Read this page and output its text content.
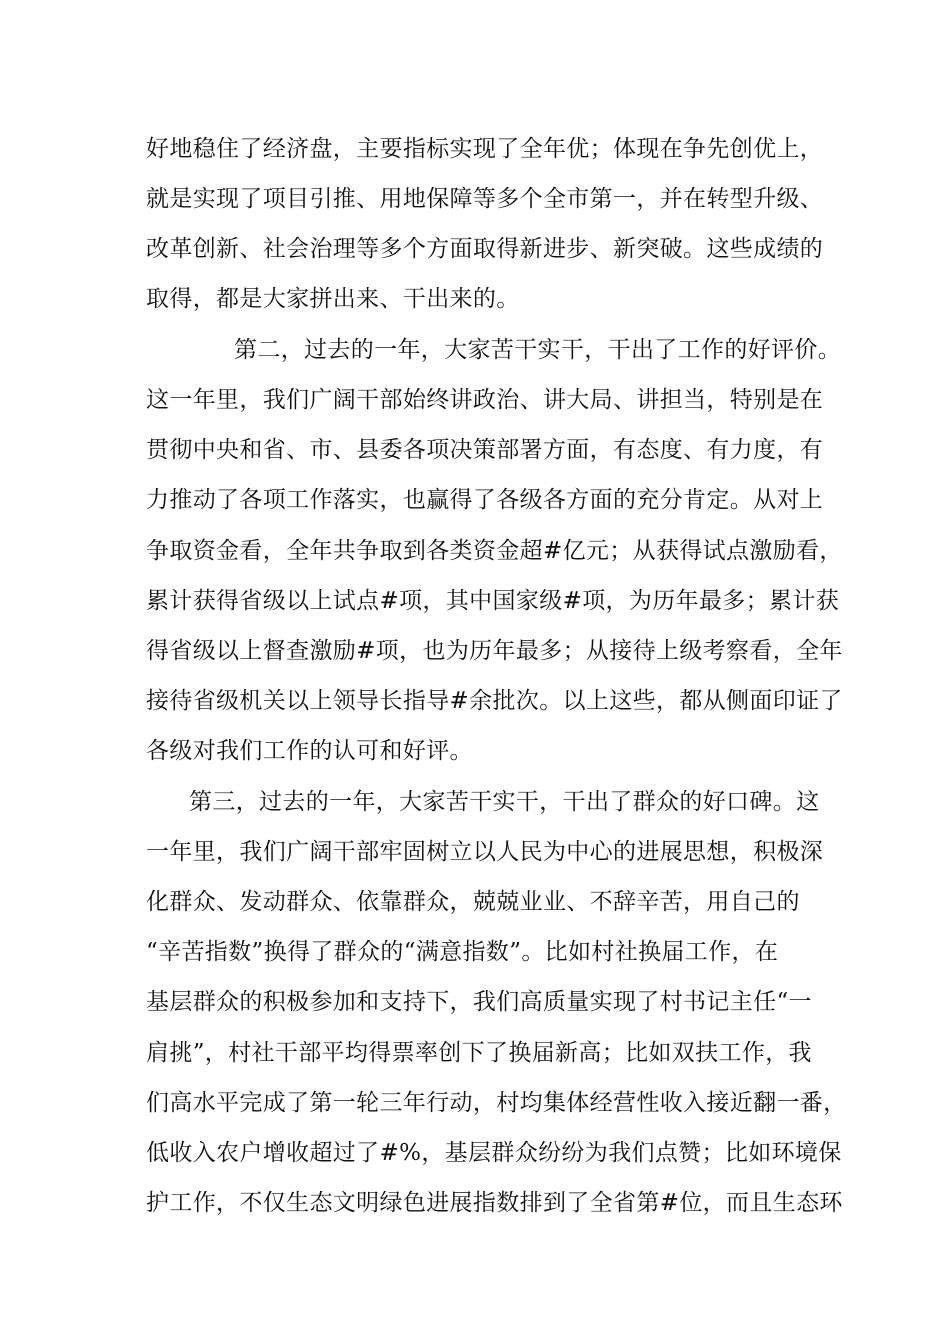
好地稳住了经济盘，主要指标实现了全年优；体现在争先创优上，
就是实现了项目引推、用地保障等多个全市第一，并在转型升级、
改革创新、社会治理等多个方面取得新进步、新突破。这些成绩的
取得，都是大家拼出来、干出来的。
第二，过去的一年，大家苦干实干，干出了工作的好评价。
这一年里，我们广阔干部始终讲政治、讲大局、讲担当，特别是在
贯彻中央和省、市、县委各项决策部署方面，有态度、有力度，有
力推动了各项工作落实，也赢得了各级各方面的充分肯定。从对上
争取资金看，全年共争取到各类资金超#亿元；从获得试点激励看，
累计获得省级以上试点#项，其中国家级#项，为历年最多；累计获
得省级以上督查激励#项，也为历年最多；从接待上级考察看，全年
接待省级机关以上领导长指导#余批次。以上这些，都从侧面印证了
各级对我们工作的认可和好评。
第三，过去的一年，大家苦干实干，干出了群众的好口碑。这
一年里，我们广阔干部牢固树立以人民为中心的进展思想，积极深
化群众、发动群众、依靠群众，兢兢业业、不辞辛苦，用自己的
“辛苦指数”换得了群众的“满意指数”。比如村社换届工作，在
基层群众的积极参加和支持下，我们高质量实现了村书记主任“一
肩挑”，村社干部平均得票率创下了换届新高；比如双扶工作，我
们高水平完成了第一轮三年行动，村均集体经营性收入接近翻一番，
低收入农户增收超过了#%，基层群众纷纷为我们点赞；比如环境保
护工作，不仅生态文明绿色进展指数排到了全省第#位，而且生态环
